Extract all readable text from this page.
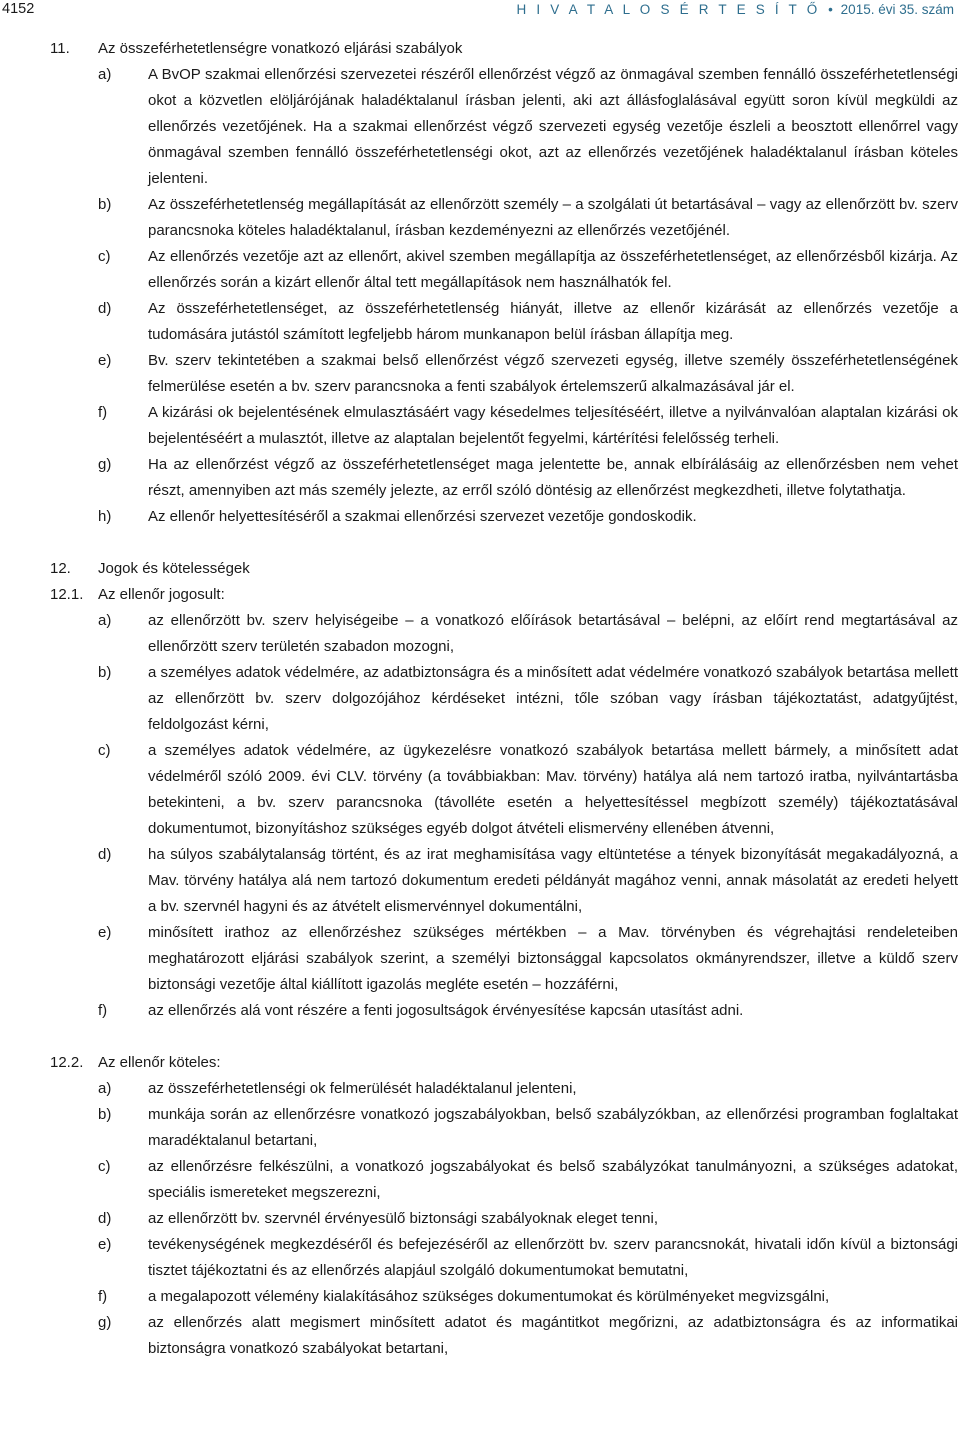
4152	H I V A T A L O S É R T E S Í T Ő • 2015. évi 35. szám
11. Az összeférhetetlenségre vonatkozó eljárási szabályok
a) A BvOP szakmai ellenőrzési szervezetei részéről ellenőrzést végző az önmagával szemben fennálló összeférhetetlenségi okot a közvetlen elöljárójának haladéktalanul írásban jelenti, aki azt állásfoglalásával együtt soron kívül megküldi az ellenőrzés vezetőjének. Ha a szakmai ellenőrzést végző szervezeti egység vezetője észleli a beosztott ellenőrrel vagy önmagával szemben fennálló összeférhetetlenségi okot, azt az ellenőrzés vezetőjének haladéktalanul írásban köteles jelenteni.
b) Az összeférhetetlenség megállapítását az ellenőrzött személy – a szolgálati út betartásával – vagy az ellenőrzött bv. szerv parancsnoka köteles haladéktalanul, írásban kezdeményezni az ellenőrzés vezetőjénél.
c)	Az ellenőrzés vezetője azt az ellenőrt, akivel szemben megállapítja az összeférhetetlenséget, az ellenőrzésből kizárja. Az ellenőrzés során a kizárt ellenőr által tett megállapítások nem használhatók fel.
d) Az összeférhetetlenséget, az összeférhetetlenség hiányát, illetve az ellenőr kizárását az ellenőrzés vezetője a tudomására jutástól számított legfeljebb három munkanapon belül írásban állapítja meg.
e) Bv. szerv tekintetében a szakmai belső ellenőrzést végző szervezeti egység, illetve személy összeférhetetlenségének felmerülése esetén a bv. szerv parancsnoka a fenti szabályok értelemszerű alkalmazásával jár el.
f)	A kizárási ok bejelentésének elmulasztásáért vagy késedelmes teljesítéséért, illetve a nyilvánvalóan alaptalan kizárási ok bejelentéséért a mulasztót, illetve az alaptalan bejelentőt fegyelmi, kártérítési felelősség terheli.
g) Ha az ellenőrzést végző az összeférhetetlenséget maga jelentette be, annak elbírálásáig az ellenőrzésben nem vehet részt, amennyiben azt más személy jelezte, az erről szóló döntésig az ellenőrzést megkezdheti, illetve folytathatja.
h) Az ellenőr helyettesítéséről a szakmai ellenőrzési szervezet vezetője gondoskodik.
12. Jogok és kötelességek
12.1. Az ellenőr jogosult:
a) az ellenőrzött bv. szerv helyiségeibe – a vonatkozó előírások betartásával – belépni, az előírt rend megtartásával az ellenőrzött szerv területén szabadon mozogni,
b) a személyes adatok védelmére, az adatbiztonságra és a minősített adat védelmére vonatkozó szabályok betartása mellett az ellenőrzött bv. szerv dolgozójához kérdéseket intézni, tőle szóban vagy írásban tájékoztatást, adatgyűjtést, feldolgozást kérni,
c)	a személyes adatok védelmére, az ügykezelésre vonatkozó szabályok betartása mellett bármely, a minősített adat védelméről szóló 2009. évi CLV. törvény (a továbbiakban: Mav. törvény) hatálya alá nem tartozó iratba, nyilvántartásba betekinteni, a bv. szerv parancsnoka (távolléte esetén a helyettesítéssel megbízott személy) tájékoztatásával dokumentumot, bizonyításhoz szükséges egyéb dolgot átvételi elismervény ellenében átvenni,
d) ha súlyos szabálytalanság történt, és az irat meghamisítása vagy eltüntetése a tények bizonyítását megakadályozná, a Mav. törvény hatálya alá nem tartozó dokumentum eredeti példányát magához venni, annak másolatát az eredeti helyett a bv. szervnél hagyni és az átvételt elismervénnyel dokumentálni,
e) minősített irathoz az ellenőrzéshez szükséges mértékben – a Mav. törvényben és végrehajtási rendeleteiben meghatározott eljárási szabályok szerint, a személyi biztonsággal kapcsolatos okmányrendszer, illetve a küldő szerv biztonsági vezetője által kiállított igazolás megléte esetén – hozzáférni,
f)	az ellenőrzés alá vont részére a fenti jogosultságok érvényesítése kapcsán utasítást adni.
12.2. Az ellenőr köteles:
a) az összeférhetetlenségi ok felmerülését haladéktalanul jelenteni,
b) munkája során az ellenőrzésre vonatkozó jogszabályokban, belső szabályzókban, az ellenőrzési programban foglaltakat maradéktalanul betartani,
c)	az ellenőrzésre felkészülni, a vonatkozó jogszabályokat és belső szabályzókat tanulmányozni, a szükséges adatokat, speciális ismereteket megszerezni,
d) az ellenőrzött bv. szervnél érvényesülő biztonsági szabályoknak eleget tenni,
e) tevékenységének megkezdéséről és befejezéséről az ellenőrzött bv. szerv parancsnokát, hivatali időn kívül a biztonsági tisztet tájékoztatni és az ellenőrzés alapjául szolgáló dokumentumokat bemutatni,
f)	a megalapozott vélemény kialakításához szükséges dokumentumokat és körülményeket megvizsgálni,
g) az ellenőrzés alatt megismert minősített adatot és magántitkot megőrizni, az adatbiztonságra és az informatikai biztonságra vonatkozó szabályokat betartani,
